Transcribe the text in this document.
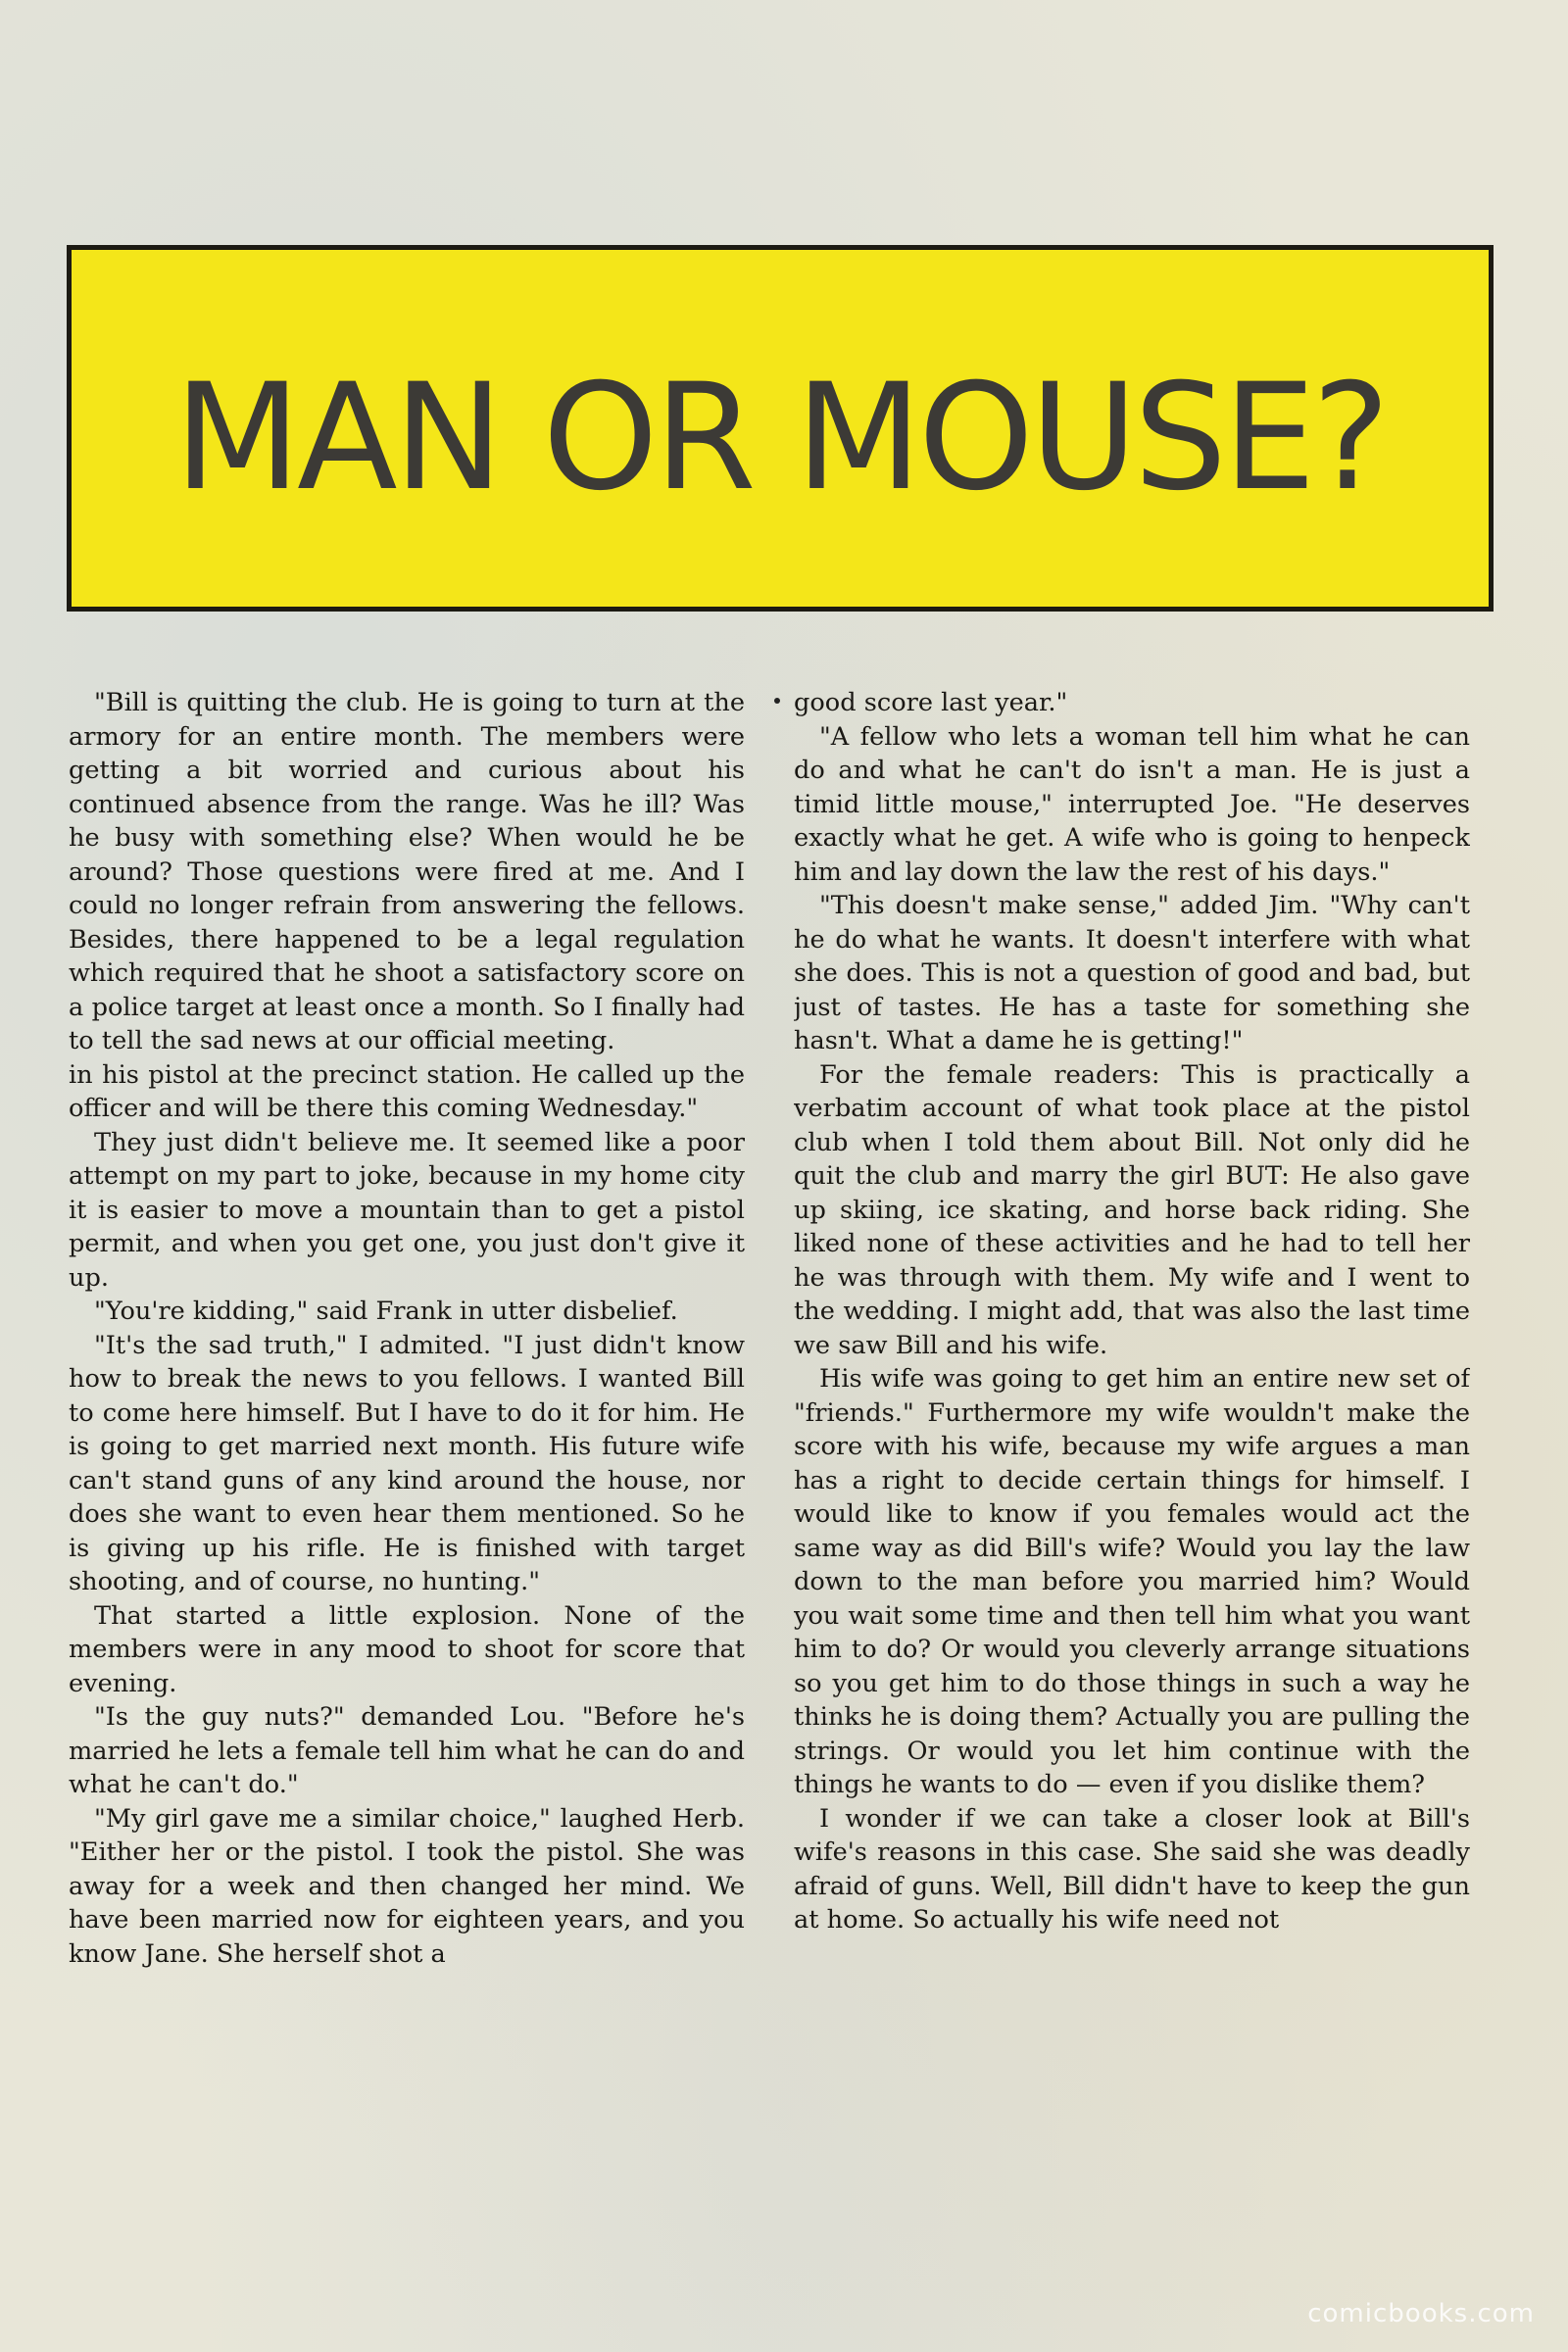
MAN OR MOUSE?

"Bill is quitting the club. He is going to turn at the armory for an entire month. The members were getting a bit worried and curious about his continued absence from the range. Was he ill? Was he busy with something else? When would he be around? Those questions were fired at me. And I could no longer refrain from answering the fellows. Besides, there happened to be a legal regulation which required that he shoot a satisfactory score on a police target at least once a month. So I finally had to tell the sad news at our official meeting.

in his pistol at the precinct station. He called up the officer and will be there this coming Wednesday."

They just didn't believe me. It seemed like a poor attempt on my part to joke, because in my home city it is easier to move a mountain than to get a pistol permit, and when you get one, you just don't give it up.

"You're kidding," said Frank in utter disbelief.

"It's the sad truth," I admited. "I just didn't know how to break the news to you fellows. I wanted Bill to come here himself. But I have to do it for him. He is going to get married next month. His future wife can't stand guns of any kind around the house, nor does she want to even hear them mentioned. So he is giving up his rifle. He is finished with target shooting, and of course, no hunting."

That started a little explosion. None of the members were in any mood to shoot for score that evening.

"Is the guy nuts?" demanded Lou. "Before he's married he lets a female tell him what he can do and what he can't do."

"My girl gave me a similar choice," laughed Herb. "Either her or the pistol. I took the pistol. She was away for a week and then changed her mind. We have been married now for eighteen years, and you know Jane. She herself shot a

good score last year."

"A fellow who lets a woman tell him what he can do and what he can't do isn't a man. He is just a timid little mouse," interrupted Joe. "He deserves exactly what he get. A wife who is going to henpeck him and lay down the law the rest of his days."

"This doesn't make sense," added Jim. "Why can't he do what he wants. It doesn't interfere with what she does. This is not a question of good and bad, but just of tastes. He has a taste for something she hasn't. What a dame he is getting!"

For the female readers: This is practically a verbatim account of what took place at the pistol club when I told them about Bill. Not only did he quit the club and marry the girl BUT: He also gave up skiing, ice skating, and horse back riding. She liked none of these activities and he had to tell her he was through with them. My wife and I went to the wedding. I might add, that was also the last time we saw Bill and his wife.

His wife was going to get him an entire new set of "friends." Furthermore my wife wouldn't make the score with his wife, because my wife argues a man has a right to decide certain things for himself. I would like to know if you females would act the same way as did Bill's wife? Would you lay the law down to the man before you married him? Would you wait some time and then tell him what you want him to do? Or would you cleverly arrange situations so you get him to do those things in such a way he thinks he is doing them? Actually you are pulling the strings. Or would you let him continue with the things he wants to do — even if you dislike them?

I wonder if we can take a closer look at Bill's wife's reasons in this case. She said she was deadly afraid of guns. Well, Bill didn't have to keep the gun at home. So actually his wife need not

comicbooks.com
